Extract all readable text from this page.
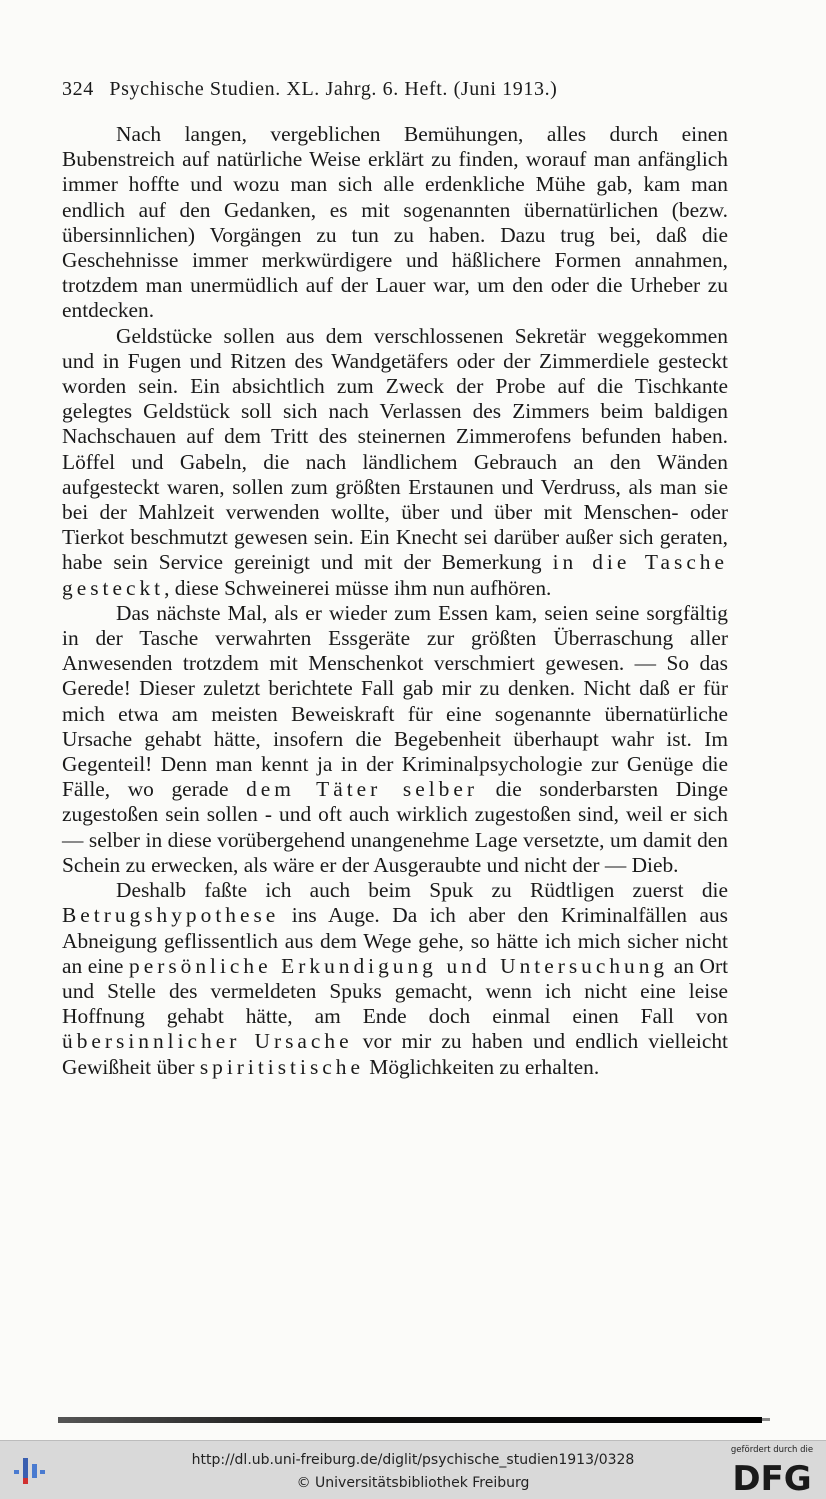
324 Psychische Studien. XL. Jahrg. 6. Heft. (Juni 1913.)

Nach langen, vergeblichen Bemühungen, alles durch einen Bubenstreich auf natürliche Weise erklärt zu finden, worauf man anfänglich immer hoffte und wozu man sich alle erdenkliche Mühe gab, kam man endlich auf den Gedanken, es mit sogenannten übernatürlichen (bezw. übersinnlichen) Vorgängen zu tun zu haben. Dazu trug bei, daß die Geschehnisse immer merkwürdigere und häßlichere Formen annahmen, trotzdem man unermüdlich auf der Lauer war, um den oder die Urheber zu entdecken.

Geldstücke sollen aus dem verschlossenen Sekretär weggekommen und in Fugen und Ritzen des Wandgetäfers oder der Zimmerdiele gesteckt worden sein. Ein absichtlich zum Zweck der Probe auf die Tischkante gelegtes Geldstück soll sich nach Verlassen des Zimmers beim baldigen Nachschauen auf dem Tritt des steinernen Zimmerofens befunden haben. Löffel und Gabeln, die nach ländlichem Gebrauch an den Wänden aufgesteckt waren, sollen zum größten Erstaunen und Verdruss, als man sie bei der Mahlzeit verwenden wollte, über und über mit Menschen- oder Tierkot beschmutzt gewesen sein. Ein Knecht sei darüber außer sich geraten, habe sein Service gereinigt und mit der Bemerkung in die Tasche gesteckt, diese Schweinerei müsse ihm nun aufhören.

Das nächste Mal, als er wieder zum Essen kam, seien seine sorgfältig in der Tasche verwahrten Essgeräte zur größten Überraschung aller Anwesenden trotzdem mit Menschenkot verschmiert gewesen. — So das Gerede! Dieser zuletzt berichtete Fall gab mir zu denken. Nicht daß er für mich etwa am meisten Beweiskraft für eine sogenannte übernatürliche Ursache gehabt hätte, insofern die Begebenheit überhaupt wahr ist. Im Gegenteil! Denn man kennt ja in der Kriminalpsychologie zur Genüge die Fälle, wo gerade dem Täter selber die sonderbarsten Dinge zugestoßen sein sollen - und oft auch wirklich zugestoßen sind, weil er sich — selber in diese vorübergehend unangenehme Lage versetzte, um damit den Schein zu erwecken, als wäre er der Ausgeraubte und nicht der — Dieb.

Deshalb faßte ich auch beim Spuk zu Rüdtligen zuerst die Betrugshypothese ins Auge. Da ich aber den Kriminalfällen aus Abneigung geflissentlich aus dem Wege gehe, so hätte ich mich sicher nicht an eine persönliche Erkundigung und Untersuchung an Ort und Stelle des vermeldeten Spuks gemacht, wenn ich nicht eine leise Hoffnung gehabt hätte, am Ende doch einmal einen Fall von übersinnlicher Ursache vor mir zu haben und endlich vielleicht Gewißheit über spiritistische Möglichkeiten zu erhalten.

http://dl.ub.uni-freiburg.de/diglit/psychische_studien1913/0328
© Universitätsbibliothek Freiburg
gefördert durch die
DFG
